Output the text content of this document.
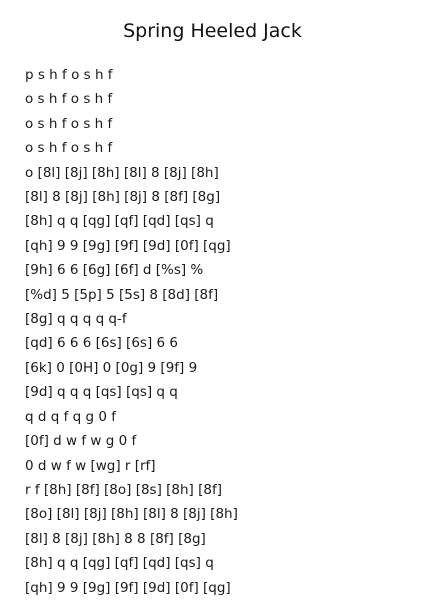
Spring Heeled Jack
p s h f o s h f
o s h f o s h f
o s h f o s h f
o s h f o s h f
o [8l] [8j] [8h] [8l] 8 [8j] [8h]
[8l] 8 [8j] [8h] [8j] 8 [8f] [8g]
[8h] q q [qg] [qf] [qd] [qs] q
[qh] 9 9 [9g] [9f] [9d] [0f] [qg]
[9h] 6 6 [6g] [6f] d [%s] %
[%d] 5 [5p] 5 [5s] 8 [8d] [8f]
[8g] q q q q q-f
[qd] 6 6 6 [6s] [6s] 6 6
[6k] 0 [0H] 0 [0g] 9 [9f] 9
[9d] q q q [qs] [qs] q q
q d q f q g 0 f
[0f] d w f w g 0 f
0 d w f w [wg] r [rf]
r f [8h] [8f] [8o] [8s] [8h] [8f]
[8o] [8l] [8j] [8h] [8l] 8 [8j] [8h]
[8l] 8 [8j] [8h] 8 8 [8f] [8g]
[8h] q q [qg] [qf] [qd] [qs] q
[qh] 9 9 [9g] [9f] [9d] [0f] [qg]
